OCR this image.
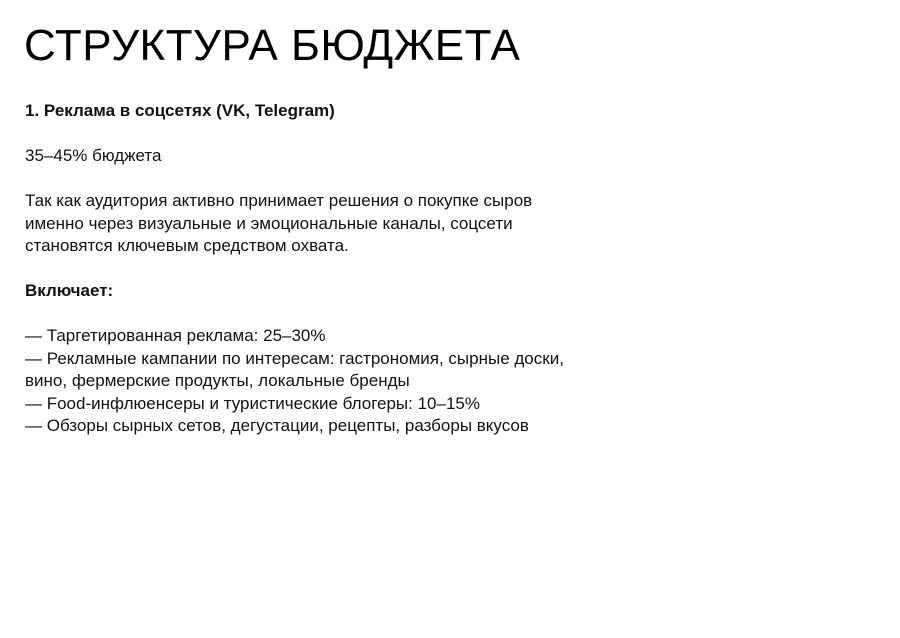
СТРУКТУРА БЮДЖЕТА

1. Реклама в соцсетях (VK, Telegram)

35–45% бюджета

Так как аудитория активно принимает решения о покупке сыров

именно через визуальные и эмоциональные каналы, соцсети

становятся ключевым средством охвата.

Включает:

— Таргетированная реклама: 25–30%
— Рекламные кампании по интересам: гастрономия, сырные доски,
вино, фермерские продукты, локальные бренды
— Food-инфлюенсеры и туристические блогеры: 10–15%
— Обзоры сырных сетов, дегустации, рецепты, разборы вкусов
